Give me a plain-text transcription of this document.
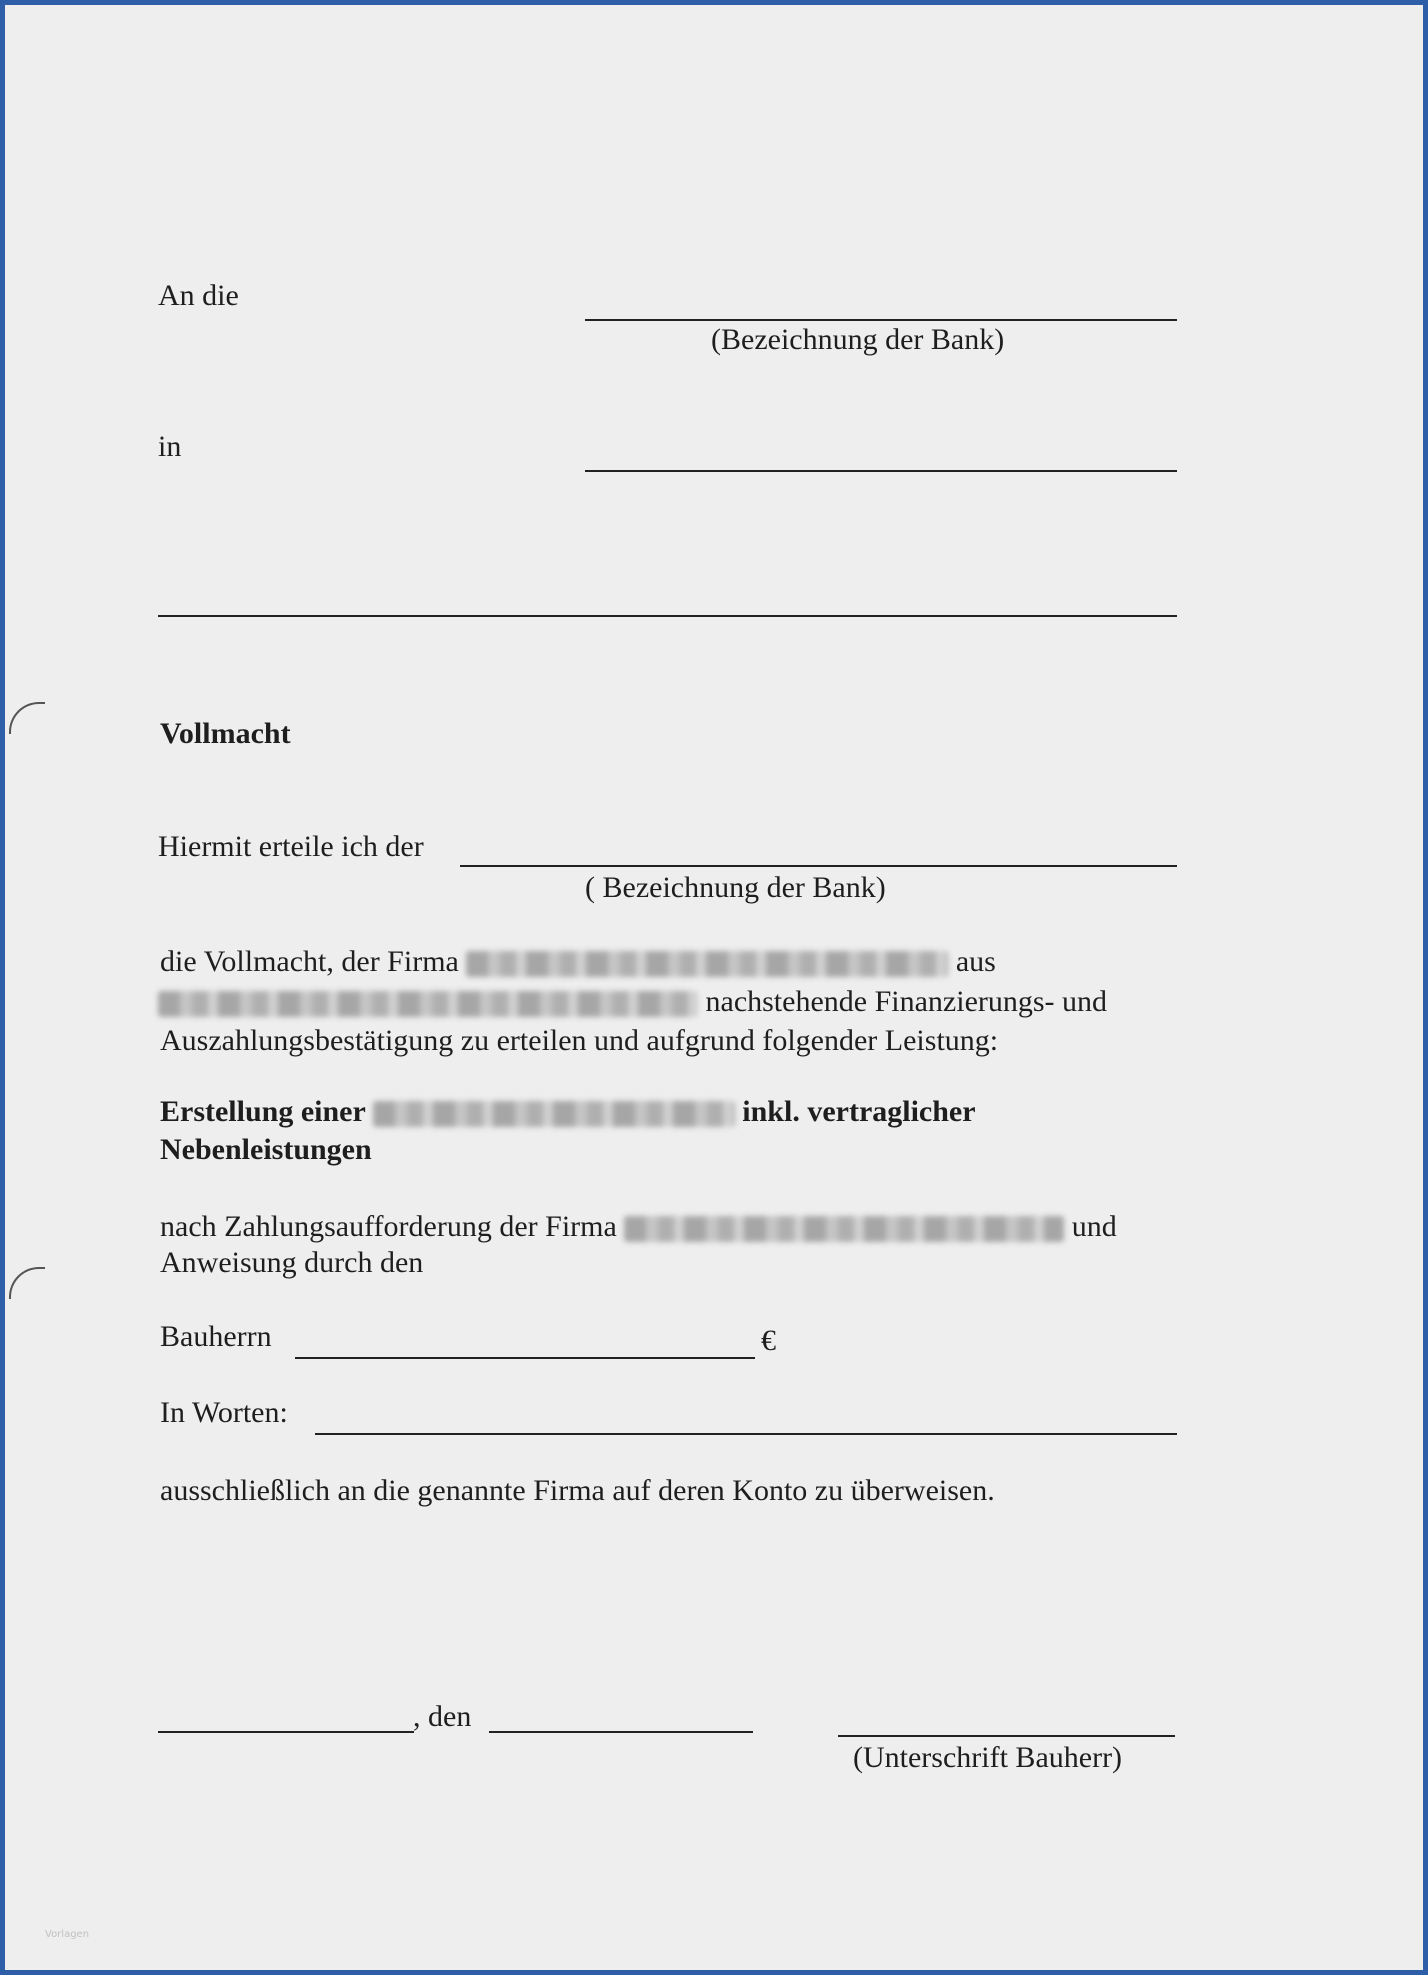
An die
(Bezeichnung der Bank)
in
Vollmacht
Hiermit erteile ich der
( Bezeichnung der Bank)
die Vollmacht, der Firma	aus
nachstehende Finanzierungs- und
Auszahlungsbestätigung zu erteilen und aufgrund folgender Leistung:
Erstellung einer	inkl. vertraglicher
Nebenleistungen
nach Zahlungsaufforderung der Firma	und
Anweisung durch den
Bauherrn	€
In Worten:
ausschließlich an die genannte Firma auf deren Konto zu überweisen.
, den
(Unterschrift Bauherr)
Vorlagen
